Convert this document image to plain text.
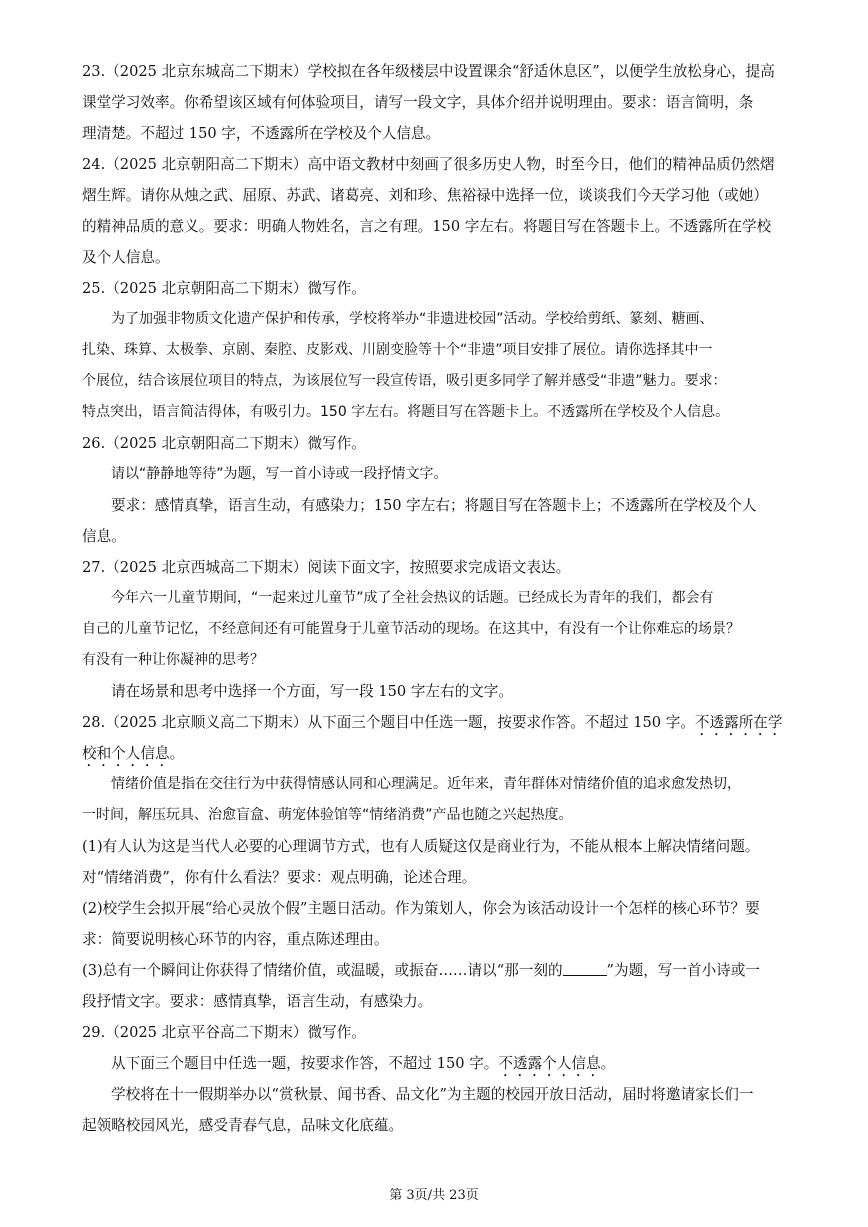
23.（2025 北京东城高二下期末）学校拟在各年级楼层中设置课余“舒适休息区”，以便学生放松身心，提高
课堂学习效率。你希望该区域有何体验项目，请写一段文字，具体介绍并说明理由。要求：语言简明，条
理清楚。不超过 150 字，不透露所在学校及个人信息。
24.（2025 北京朝阳高二下期末）高中语文教材中刻画了很多历史人物，时至今日，他们的精神品质仍然熠
熠生辉。请你从烛之武、屈原、苏武、诸葛亮、刘和珍、焦裕禄中选择一位，谈谈我们今天学习他（或她）
的精神品质的意义。要求：明确人物姓名，言之有理。150 字左右。将题目写在答题卡上。不透露所在学校
及个人信息。
25.（2025 北京朝阳高二下期末）微写作。
为了加强非物质文化遗产保护和传承，学校将举办“非遗进校园”活动。学校给剪纸、篆刻、糖画、
扎染、珠算、太极拳、京剧、秦腔、皮影戏、川剧变脸等十个“非遗”项目安排了展位。请你选择其中一
个展位，结合该展位项目的特点，为该展位写一段宣传语，吸引更多同学了解并感受“非遗”魅力。要求：
特点突出，语言简洁得体，有吸引力。150 字左右。将题目写在答题卡上。不透露所在学校及个人信息。
26.（2025 北京朝阳高二下期末）微写作。
请以“静静地等待”为题，写一首小诗或一段抒情文字。
要求：感情真挚，语言生动，有感染力；150 字左右；将题目写在答题卡上；不透露所在学校及个人
信息。
27.（2025 北京西城高二下期末）阅读下面文字，按照要求完成语文表达。
今年六一儿童节期间，“一起来过儿童节”成了全社会热议的话题。已经成长为青年的我们，都会有
自己的儿童节记忆，不经意间还有可能置身于儿童节活动的现场。在这其中，有没有一个让你难忘的场景？
有没有一种让你凝神的思考？
请在场景和思考中选择一个方面，写一段 150 字左右的文字。
28.（2025 北京顺义高二下期末）从下面三个题目中任选一题，按要求作答。不超过 150 字。不透露所在学
校和个人信息。
情绪价值是指在交往行为中获得情感认同和心理满足。近年来，青年群体对情绪价值的追求愈发热切，
一时间，解压玩具、治愈盲盒、萌宠体验馆等“情绪消费”产品也随之兴起热度。
(1)有人认为这是当代人必要的心理调节方式，也有人质疑这仅是商业行为，不能从根本上解决情绪问题。
对“情绪消费”，你有什么看法？要求：观点明确，论述合理。
(2)校学生会拟开展“给心灵放个假”主题日活动。作为策划人，你会为该活动设计一个怎样的核心环节？要
求：简要说明核心环节的内容，重点陈述理由。
(3)总有一个瞬间让你获得了情绪价值，或温暖，或振奋……请以“那一刻的	”为题，写一首小诗或一
段抒情文字。要求：感情真挚，语言生动，有感染力。
29.（2025 北京平谷高二下期末）微写作。
从下面三个题目中任选一题，按要求作答，不超过 150 字。不透露个人信息。
学校将在十一假期举办以“赏秋景、闻书香、品文化”为主题的校园开放日活动，届时将邀请家长们一
起领略校园风光，感受青春气息，品味文化底蕴。
第 3页/共 23页
